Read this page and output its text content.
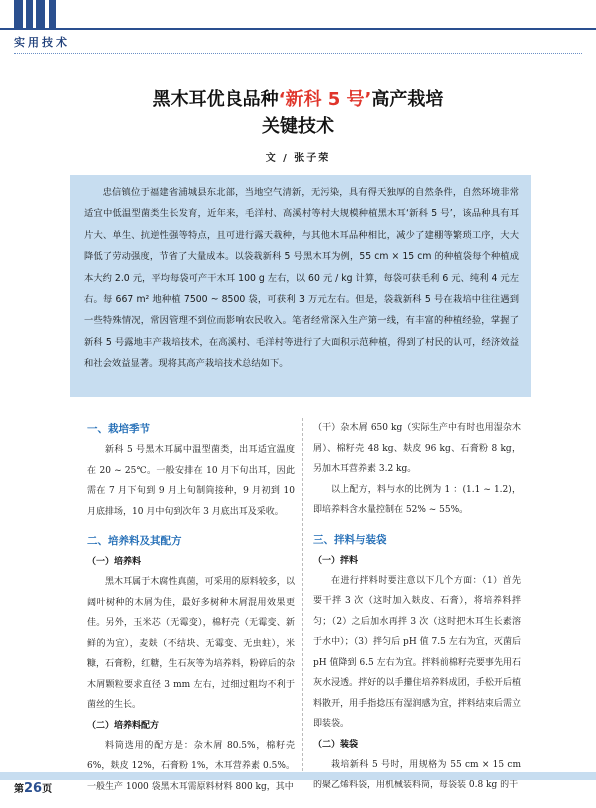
实用技术
黑木耳优良品种‘新科 5 号’高产栽培
关键技术
文 / 张子荣

忠信镇位于福建省浦城县东北部，当地空气清新，无污染，具有得天独厚的自然条件，自然环境非常适宜中低温型菌类生长发育，近年来，毛洋村、高溪村等村大规模种植黑木耳‘新科 5 号’，该品种具有耳片大、单生、抗逆性强等特点，且可进行露天栽种，与其他木耳品种相比，减少了建棚等繁琐工序，大大降低了劳动强度，节省了大量成本。以袋栽新科 5 号黑木耳为例，55 cm × 15 cm 的种植袋每个种植成本大约 2.0 元，平均每袋可产干木耳 100 g 左右，以 60 元 / kg 计算，每袋可获毛利 6 元、纯利 4 元左右。每 667 m² 地种植 7500 ~ 8500 袋，可获利 3 万元左右。但是，袋栽新科 5 号在栽培中往往遇到一些特殊情况，常因管理不到位而影响农民收入。笔者经常深入生产第一线，有丰富的种植经验，掌握了新科 5 号露地丰产栽培技术，在高溪村、毛洋村等进行了大面积示范种植，得到了村民的认可，经济效益和社会效益显著。现将其高产栽培技术总结如下。

一、栽培季节
新科 5 号黑木耳属中温型菌类，出耳适宜温度在 20 ~ 25℃。一般安排在 10 月下旬出耳，因此需在 7 月下旬到 9 月上旬制筒接种，9 月初到 10 月底排场，10 月中旬到次年 3 月底出耳及采收。
二、培养料及其配方
（一）培养料
黑木耳属于木腐性真菌，可采用的原料较多，以阔叶树种的木屑为佳，最好多树种木屑混用效果更佳。另外，玉米芯（无霉变），棉籽壳（无霉变、新鲜的为宜），麦麸（不结块、无霉变、无虫蛀），米糠，石膏粉，红糖，生石灰等为培养料，粉碎后的杂木屑颗粒要求直径 3 mm 左右，过细过粗均不利于菌丝的生长。
（二）培养料配方
料筒选用的配方是：杂木屑 80.5%，棉籽壳 6%，麸皮 12%，石膏粉 1%，木耳营养素 0.5%。一般生产 1000 袋黑木耳需原料材料 800 kg，其中
（干）杂木屑 650 kg（实际生产中有时也用湿杂木屑）、棉籽壳 48 kg、麸皮 96 kg、石膏粉 8 kg，另加木耳营养素 3.2 kg。
以上配方，料与水的比例为 1 ：(1.1 ~ 1.2)，即培养料含水量控制在 52% ~ 55%。
三、拌料与装袋
（一）拌料
在进行拌料时要注意以下几个方面：（1）首先要干拌 3 次（这时加入麸皮、石膏），将培养料拌匀；（2）之后加水再拌 3 次（这时把木耳生长素溶于水中）；（3）拌匀后 pH 值 7.5 左右为宜，灭菌后 pH 值降到 6.5 左右为宜。拌料前棉籽壳要事先用石灰水浸透。拌好的以手攥住培养料成团，手松开后植料散开，用手指捻压有湿润感为宜，拌料结束后需立即装袋。
（二）装袋
栽培新科 5 号时，用规格为 55 cm × 15 cm 的聚乙烯料袋，用机械装料筒，每袋装 0.8 kg 的干
第26页
